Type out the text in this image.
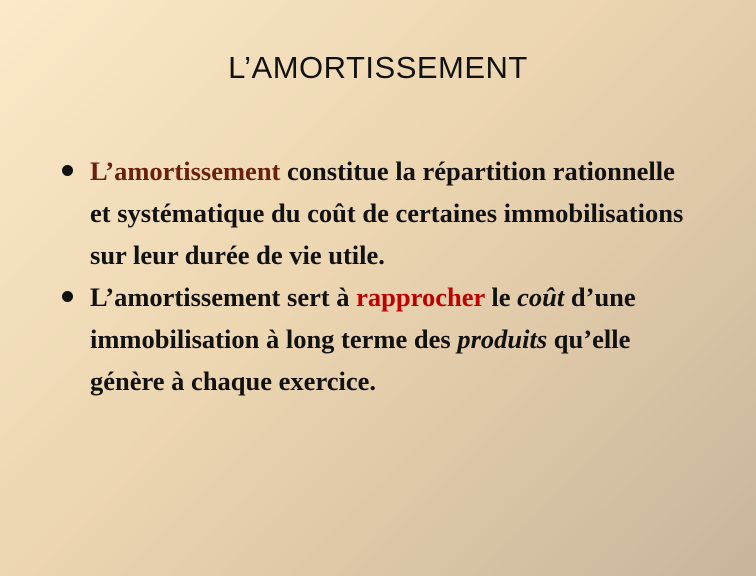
L’AMORTISSEMENT
L’amortissement constitue la répartition rationnelle et systématique du coût de certaines immobilisations sur leur durée de vie utile.
L’amortissement sert à rapprocher le coût d’une immobilisation à long terme des produits qu’elle génère à chaque exercice.
